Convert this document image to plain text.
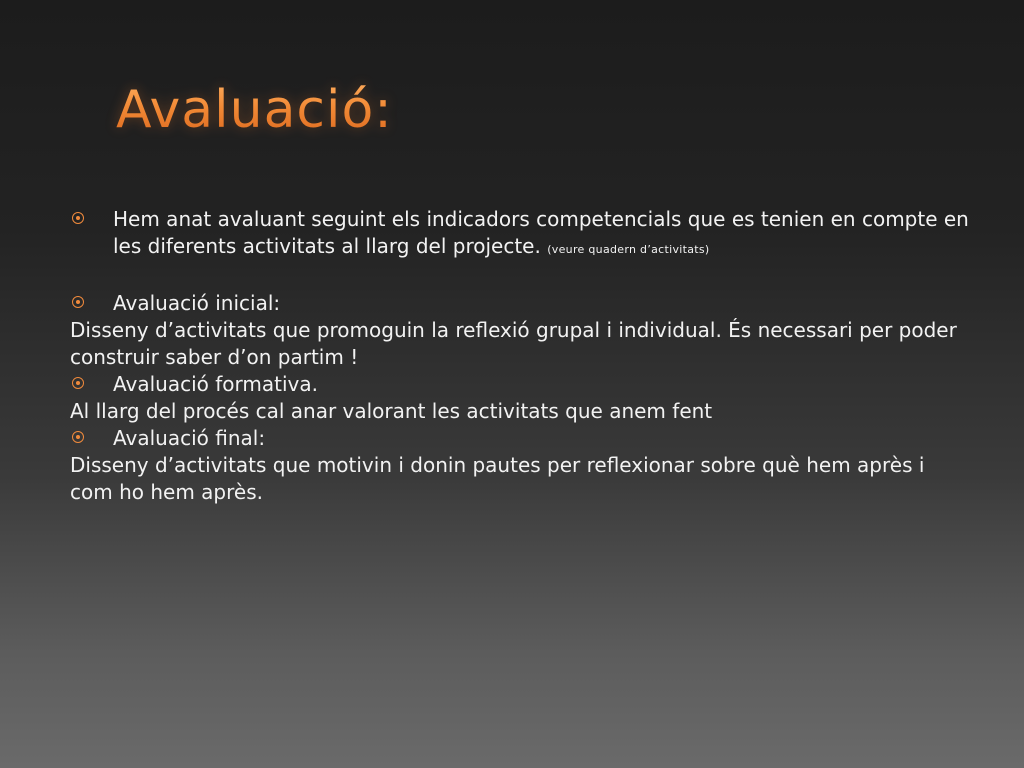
Avaluació:
Hem anat avaluant seguint els indicadors competencials que es tenien en compte en les diferents activitats al llarg del projecte. (veure quadern d’activitats)
Avaluació inicial:

Disseny d’activitats que promoguin la reflexió grupal i individual. És necessari per poder construir saber d’on partim !

Avaluació formativa.

Al llarg del procés cal anar valorant les activitats que anem fent

Avaluació final:

Disseny d’activitats que motivin i donin pautes per reflexionar sobre què hem après i com ho hem après.
